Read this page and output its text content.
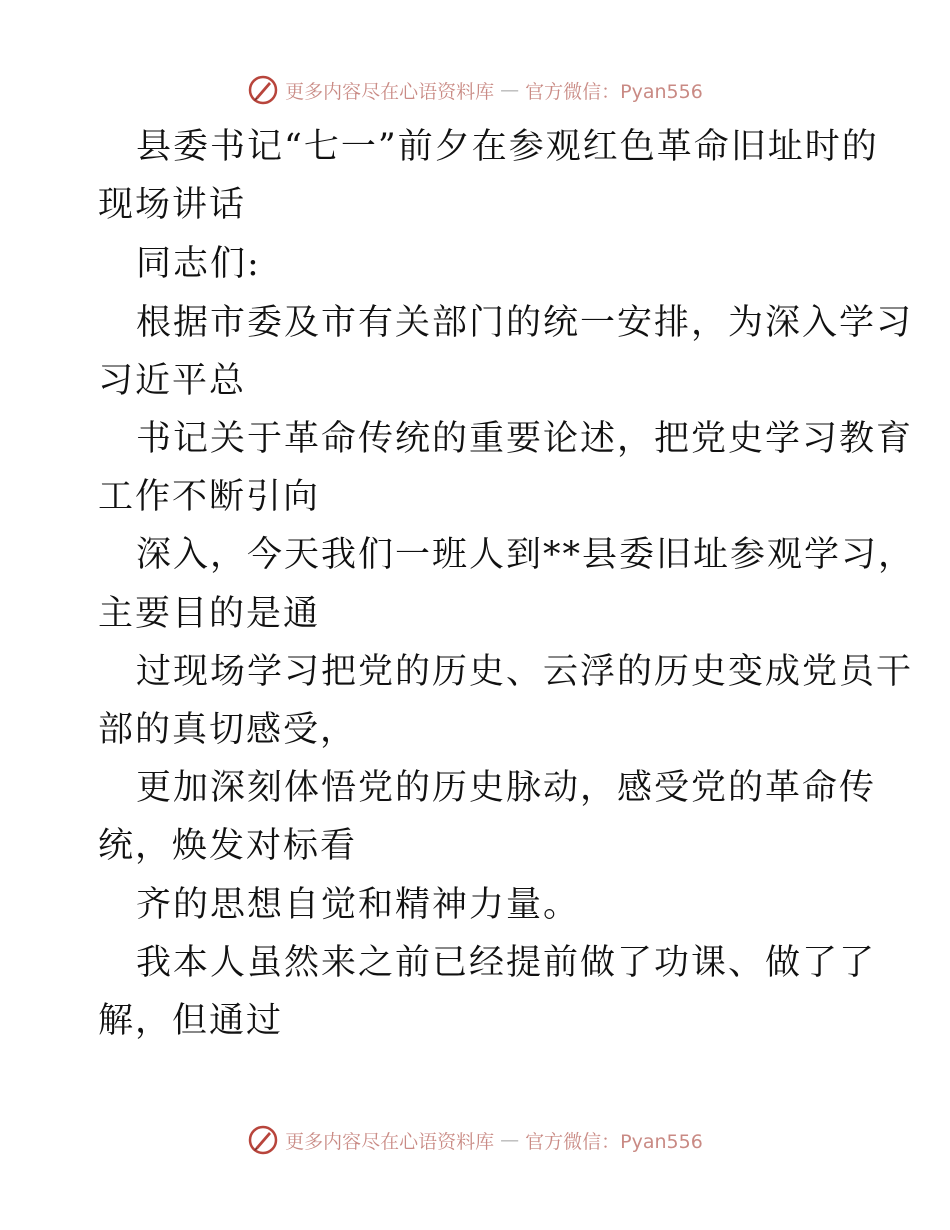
更多内容尽在心语资料库 — 官方微信：Pyan556
县委书记“七一”前夕在参观红色革命旧址时的
现场讲话
同志们:
根据市委及市有关部门的统一安排，为深入学习
习近平总
书记关于革命传统的重要论述，把党史学习教育
工作不断引向
深入，今天我们一班人到**县委旧址参观学习，
主要目的是通
过现场学习把党的历史、云浮的历史变成党员干
部的真切感受，
更加深刻体悟党的历史脉动，感受党的革命传
统，焕发对标看
齐的思想自觉和精神力量。
我本人虽然来之前已经提前做了功课、做了了
解，但通过
更多内容尽在心语资料库 — 官方微信：Pyan556
